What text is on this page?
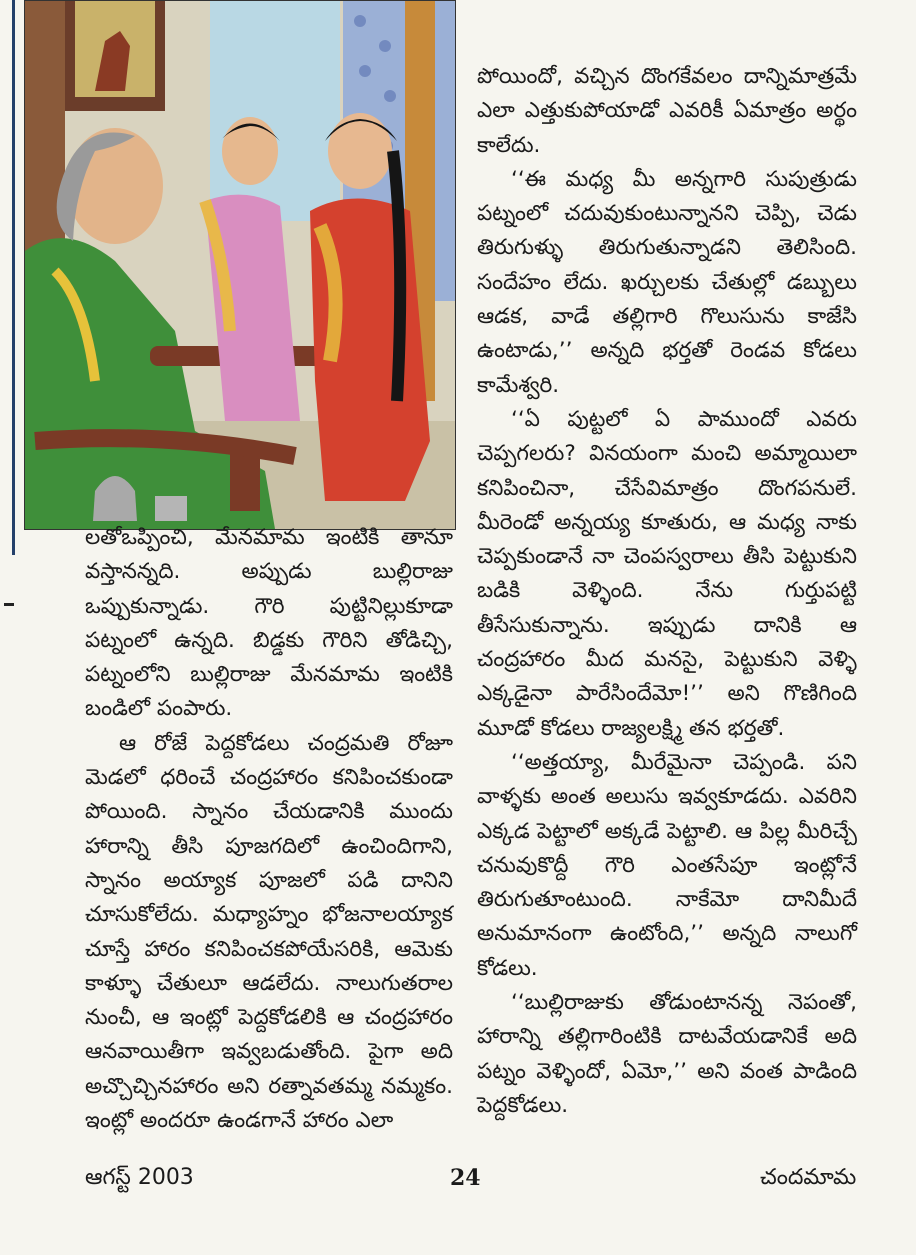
లతోఒప్పించి, మేనమామ ఇంటికి తానూ వస్తానన్నది. అప్పుడు బుల్లిరాజు ఒప్పుకున్నాడు. గౌరి పుట్టినిల్లుకూడా పట్నంలో ఉన్నది. బిడ్డకు గౌరిని తోడిచ్చి, పట్నంలోని బుల్లిరాజు మేనమామ ఇంటికి బండిలో పంపారు.

ఆ రోజే పెద్దకోడలు చంద్రమతి రోజూ మెడలో ధరించే చంద్రహారం కనిపించకుండా పోయింది. స్నానం చేయడానికి ముందు హారాన్ని తీసి పూజగదిలో ఉంచిందిగాని, స్నానం అయ్యాక పూజలో పడి దానిని చూసుకోలేదు. మధ్యాహ్నం భోజనాలయ్యాక చూస్తే హారం కనిపించకపోయేసరికి, ఆమెకు కాళ్ళూ చేతులూ ఆడలేదు. నాలుగుతరాల నుంచీ, ఆ ఇంట్లో పెద్దకోడలికి ఆ చంద్రహారం ఆనవాయితీగా ఇవ్వబడుతోంది. పైగా అది అచ్చొచ్చినహారం అని రత్నావతమ్మ నమ్మకం. ఇంట్లో అందరూ ఉండగానే హారం ఎలా

పోయిందో, వచ్చిన దొంగకేవలం దాన్నిమాత్రమే ఎలా ఎత్తుకుపోయాడో ఎవరికీ ఏమాత్రం అర్థం కాలేదు.

‘‘ఈ మధ్య మీ అన్నగారి సుపుత్రుడు పట్నంలో చదువుకుంటున్నానని చెప్పి, చెడు తిరుగుళ్ళు తిరుగుతున్నాడని తెలిసింది. సందేహం లేదు. ఖర్చులకు చేతుల్లో డబ్బులు ఆడక, వాడే తల్లిగారి గొలుసును కాజేసి ఉంటాడు,’’ అన్నది భర్తతో రెండవ కోడలు కామేశ్వరి.

‘‘ఏ పుట్టలో ఏ పాముందో ఎవరు చెప్పగలరు? వినయంగా మంచి అమ్మాయిలా కనిపించినా, చేసేవిమాత్రం దొంగపనులే. మీరెండో అన్నయ్య కూతురు, ఆ మధ్య నాకు చెప్పకుండానే నా చెంపస్వరాలు తీసి పెట్టుకుని బడికి వెళ్ళింది. నేను గుర్తుపట్టి తీసేసుకున్నాను. ఇప్పుడు దానికి ఆ చంద్రహారం మీద మనసై, పెట్టుకుని వెళ్ళి ఎక్కడైనా పారేసిందేమో!’’ అని గొణిగింది మూడో కోడలు రాజ్యలక్ష్మి తన భర్తతో.

‘‘అత్తయ్యా, మీరేమైనా చెప్పండి. పని వాళ్ళకు అంత అలుసు ఇవ్వకూడదు. ఎవరిని ఎక్కడ పెట్టాలో అక్కడే పెట్టాలి. ఆ పిల్ల మీరిచ్చే చనువుకొద్దీ గౌరి ఎంతసేపూ ఇంట్లోనే తిరుగుతూంటుంది. నాకేమో దానిమీదే అనుమానంగా ఉంటోంది,’’ అన్నది నాలుగో కోడలు.

‘‘బుల్లిరాజుకు తోడుంటానన్న నెపంతో, హారాన్ని తల్లిగారింటికి దాటవేయడానికే అది పట్నం వెళ్ళిందో, ఏమో,’’ అని వంత పాడింది పెద్దకోడలు.

ఆగస్ట్ 2003	24	చందమామ
